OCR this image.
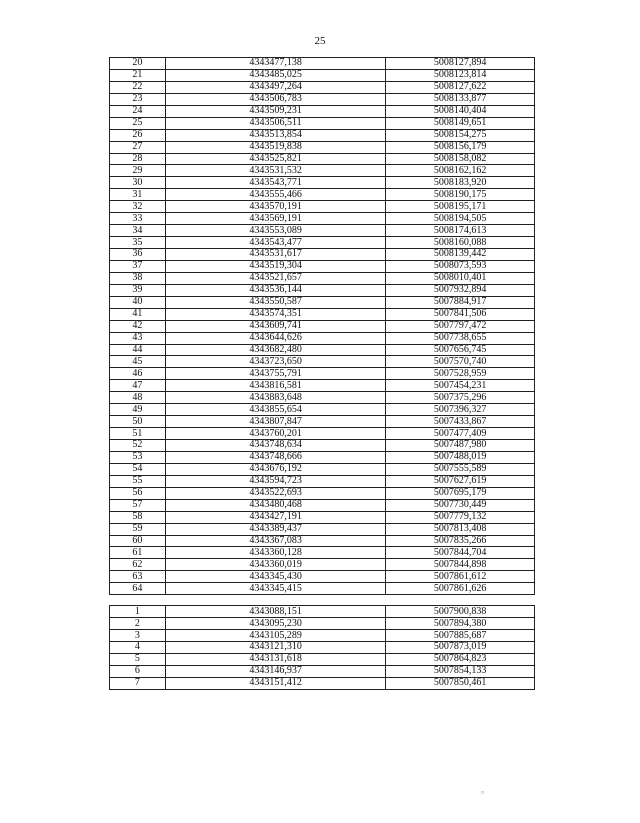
25
20	4343477,138	5008127,894
21	4343485,025	5008123,814
22	4343497,264	5008127,622
23	4343506,783	5008133,877
24	4343509,231	5008140,404
25	4343506,511	5008149,651
26	4343513,854	5008154,275
27	4343519,838	5008156,179
28	4343525,821	5008158,082
29	4343531,532	5008162,162
30	4343543,771	5008183,920
31	4343555,466	5008190,175
32	4343570,191	5008195,171
33	4343569,191	5008194,505
34	4343553,089	5008174,613
35	4343543,477	5008160,088
36	4343531,617	5008139,442
37	4343519,304	5008073,593
38	4343521,657	5008010,401
39	4343536,144	5007932,894
40	4343550,587	5007884,917
41	4343574,351	5007841,506
42	4343609,741	5007797,472
43	4343644,626	5007738,655
44	4343682,480	5007656,745
45	4343723,650	5007570,740
46	4343755,791	5007528,959
47	4343816,581	5007454,231
48	4343883,648	5007375,296
49	4343855,654	5007396,327
50	4343807,847	5007433,867
51	4343760,201	5007477,409
52	4343748,634	5007487,980
53	4343748,666	5007488,019
54	4343676,192	5007555,589
55	4343594,723	5007627,619
56	4343522,693	5007695,179
57	4343480,468	5007730,449
58	4343427,191	5007779,132
59	4343389,437	5007813,408
60	4343367,083	5007835,266
61	4343360,128	5007844,704
62	4343360,019	5007844,898
63	4343345,430	5007861,612
64	4343345,415	5007861,626

1	4343088,151	5007900,838
2	4343095,230	5007894,380
3	4343105,289	5007885,687
4	4343121,310	5007873,019
5	4343131,618	5007864,823
6	4343146,937	5007854,133
7	4343151,412	5007850,461
▫
